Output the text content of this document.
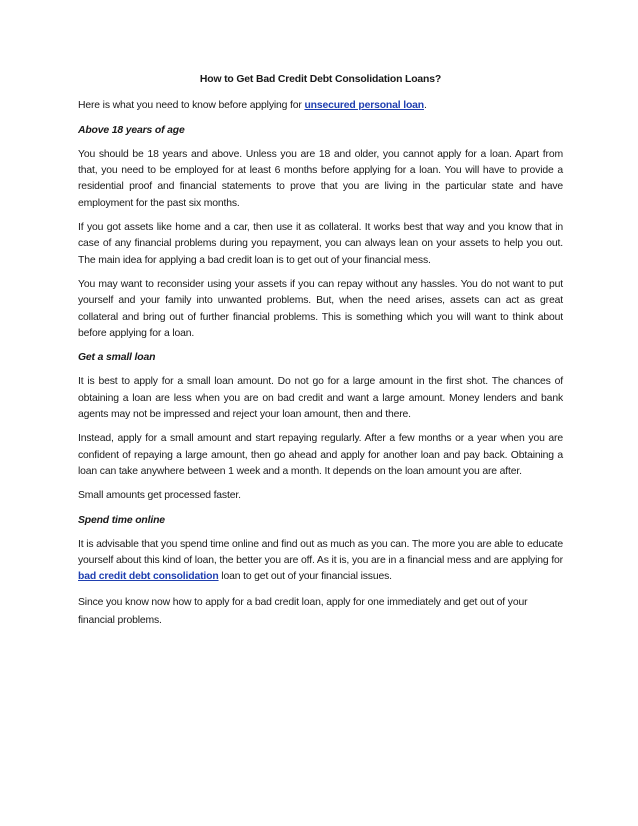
How to Get Bad Credit Debt Consolidation Loans?

Here is what you need to know before applying for unsecured personal loan.

Above 18 years of age

You should be 18 years and above. Unless you are 18 and older, you cannot apply for a loan. Apart from that, you need to be employed for at least 6 months before applying for a loan. You will have to provide a residential proof and financial statements to prove that you are living in the particular state and have employment for the past six months.

If you got assets like home and a car, then use it as collateral. It works best that way and you know that in case of any financial problems during you repayment, you can always lean on your assets to help you out. The main idea for applying a bad credit loan is to get out of your financial mess.

You may want to reconsider using your assets if you can repay without any hassles. You do not want to put yourself and your family into unwanted problems. But, when the need arises, assets can act as great collateral and bring out of further financial problems. This is something which you will want to think about before applying for a loan.

Get a small loan

It is best to apply for a small loan amount. Do not go for a large amount in the first shot. The chances of obtaining a loan are less when you are on bad credit and want a large amount. Money lenders and bank agents may not be impressed and reject your loan amount, then and there.

Instead, apply for a small amount and start repaying regularly. After a few months or a year when you are confident of repaying a large amount, then go ahead and apply for another loan and pay back. Obtaining a loan can take anywhere between 1 week and a month. It depends on the loan amount you are after.

Small amounts get processed faster.

Spend time online

It is advisable that you spend time online and find out as much as you can. The more you are able to educate yourself about this kind of loan, the better you are off. As it is, you are in a financial mess and are applying for bad credit debt consolidation loan to get out of your financial issues.

Since you know now how to apply for a bad credit loan, apply for one immediately and get out of your financial problems.
